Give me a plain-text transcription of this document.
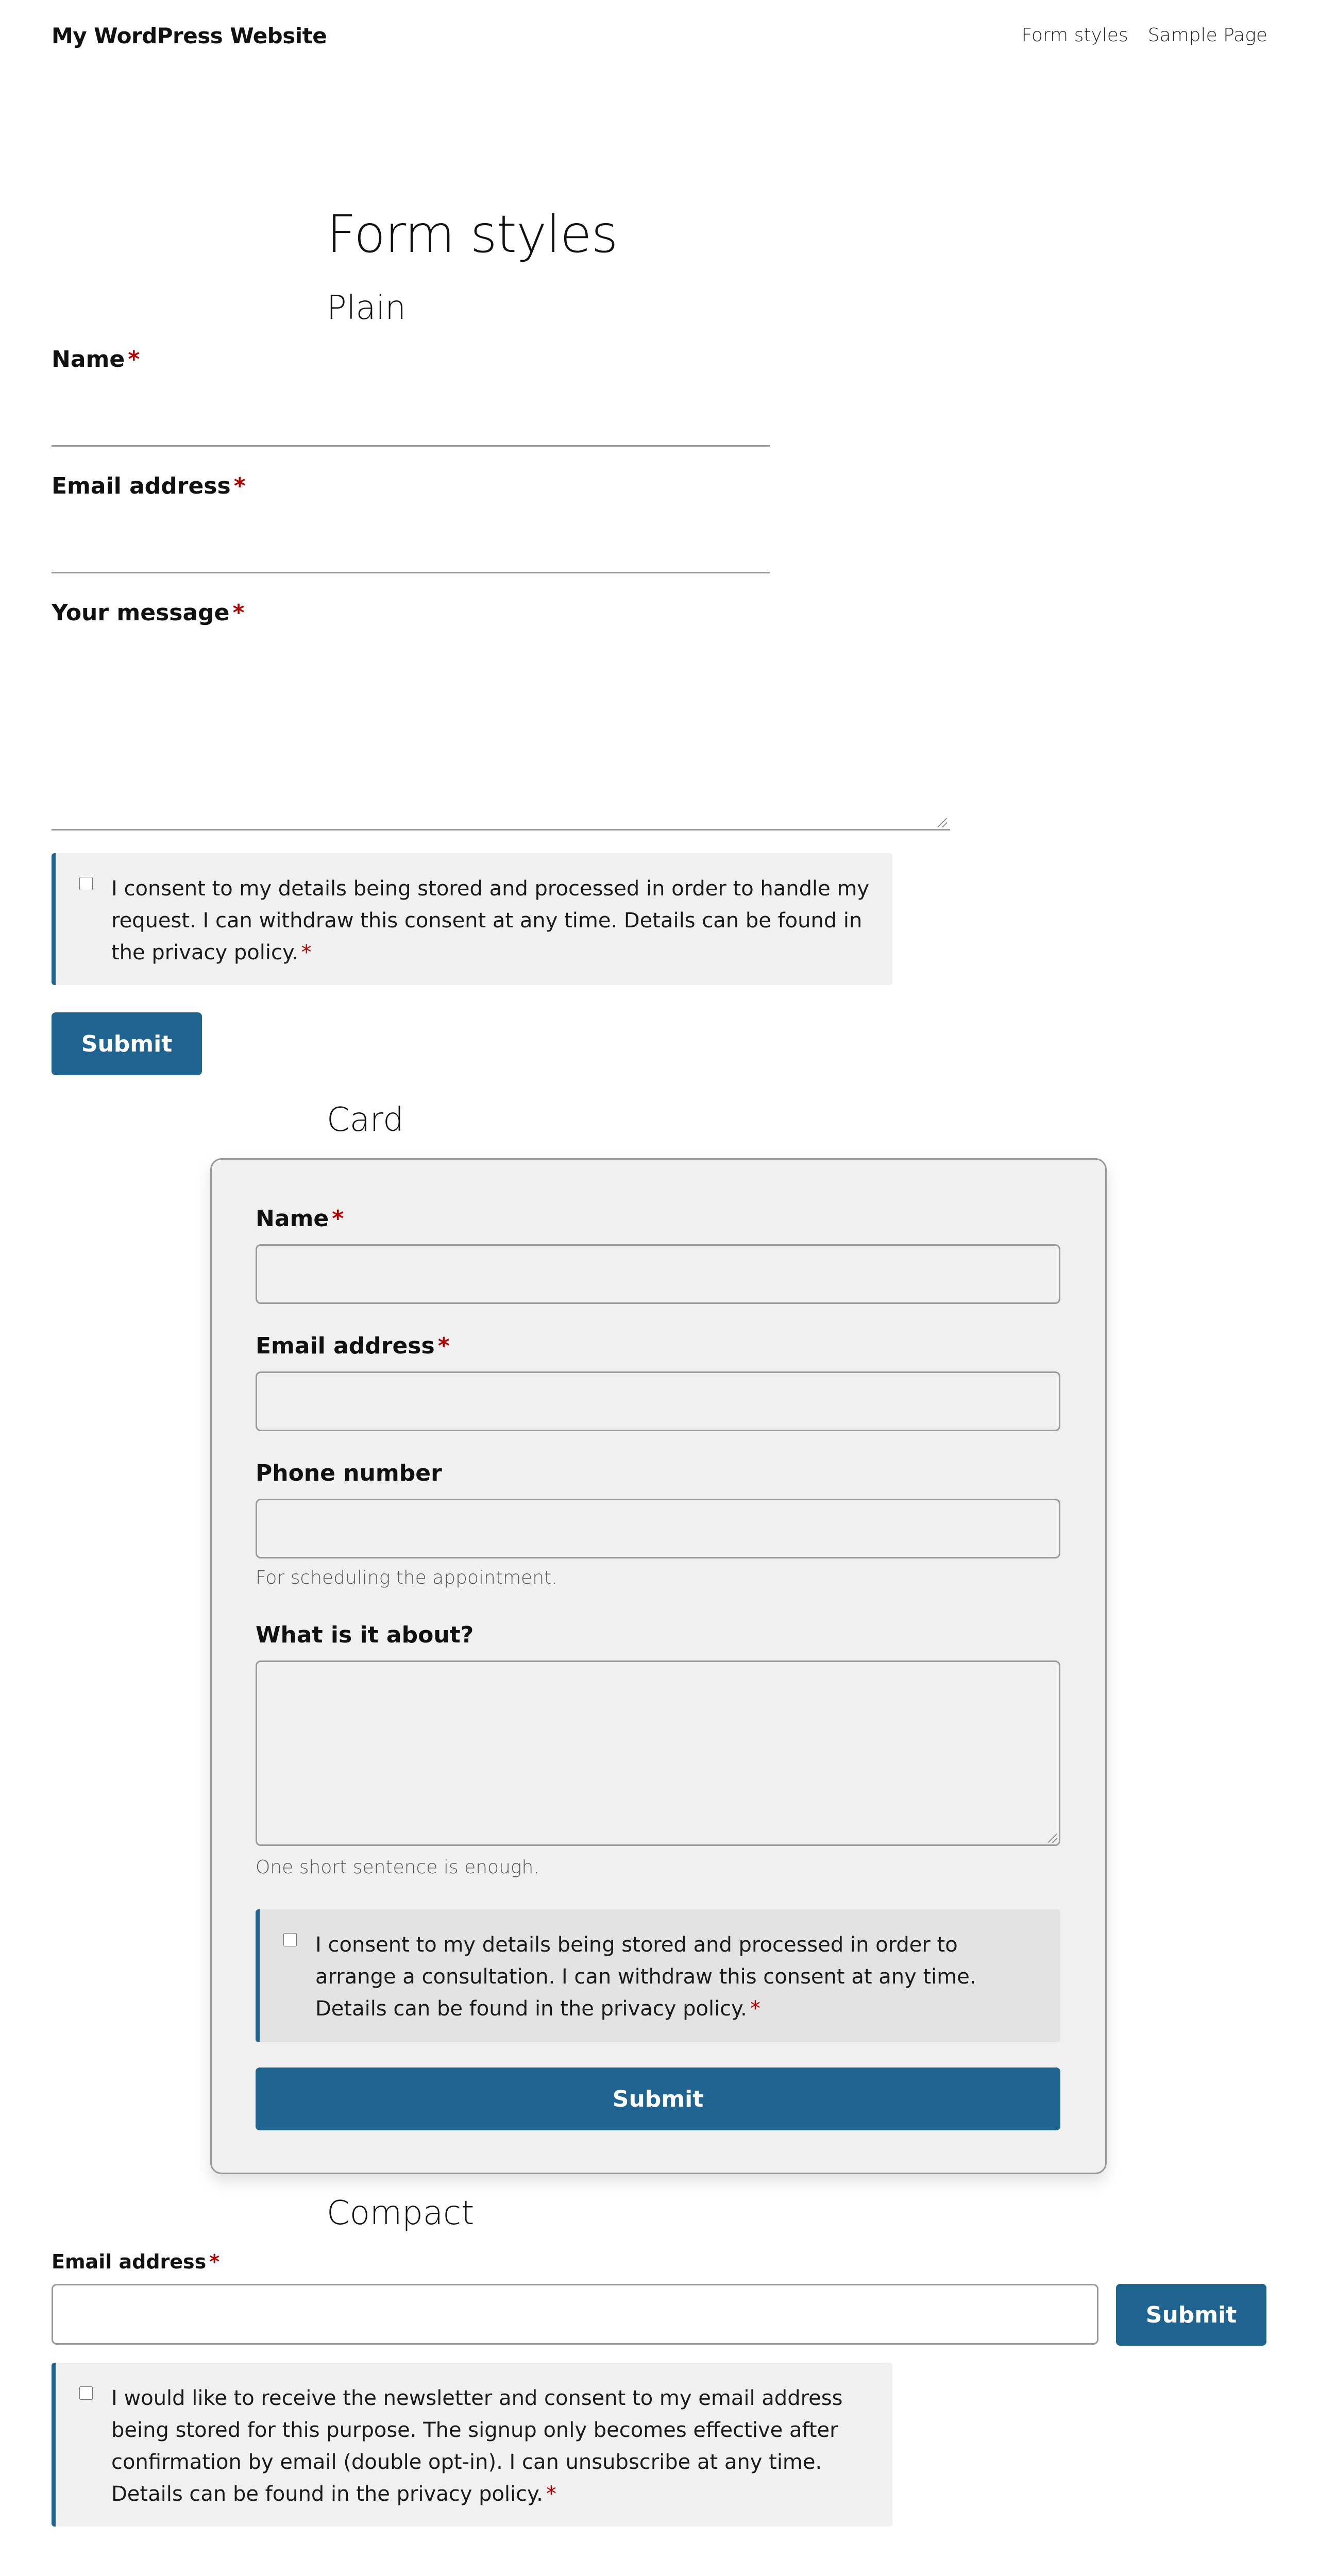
My WordPress Website	Form styles Sample Page
Form styles
Plain
Name *
Email address *
Your message *
I consent to my details being stored and processed in order to handle my request. I can withdraw this consent at any time. Details can be found in the privacy policy. *
Submit
Card
Name *
Email address *
Phone number
For scheduling the appointment.
What is it about?
One short sentence is enough.
I consent to my details being stored and processed in order to arrange a consultation. I can withdraw this consent at any time. Details can be found in the privacy policy. *
Submit
Compact
Email address *
Submit
I would like to receive the newsletter and consent to my email address being stored for this purpose. The signup only becomes effective after confirmation by email (double opt-in). I can unsubscribe at any time. Details can be found in the privacy policy. *
